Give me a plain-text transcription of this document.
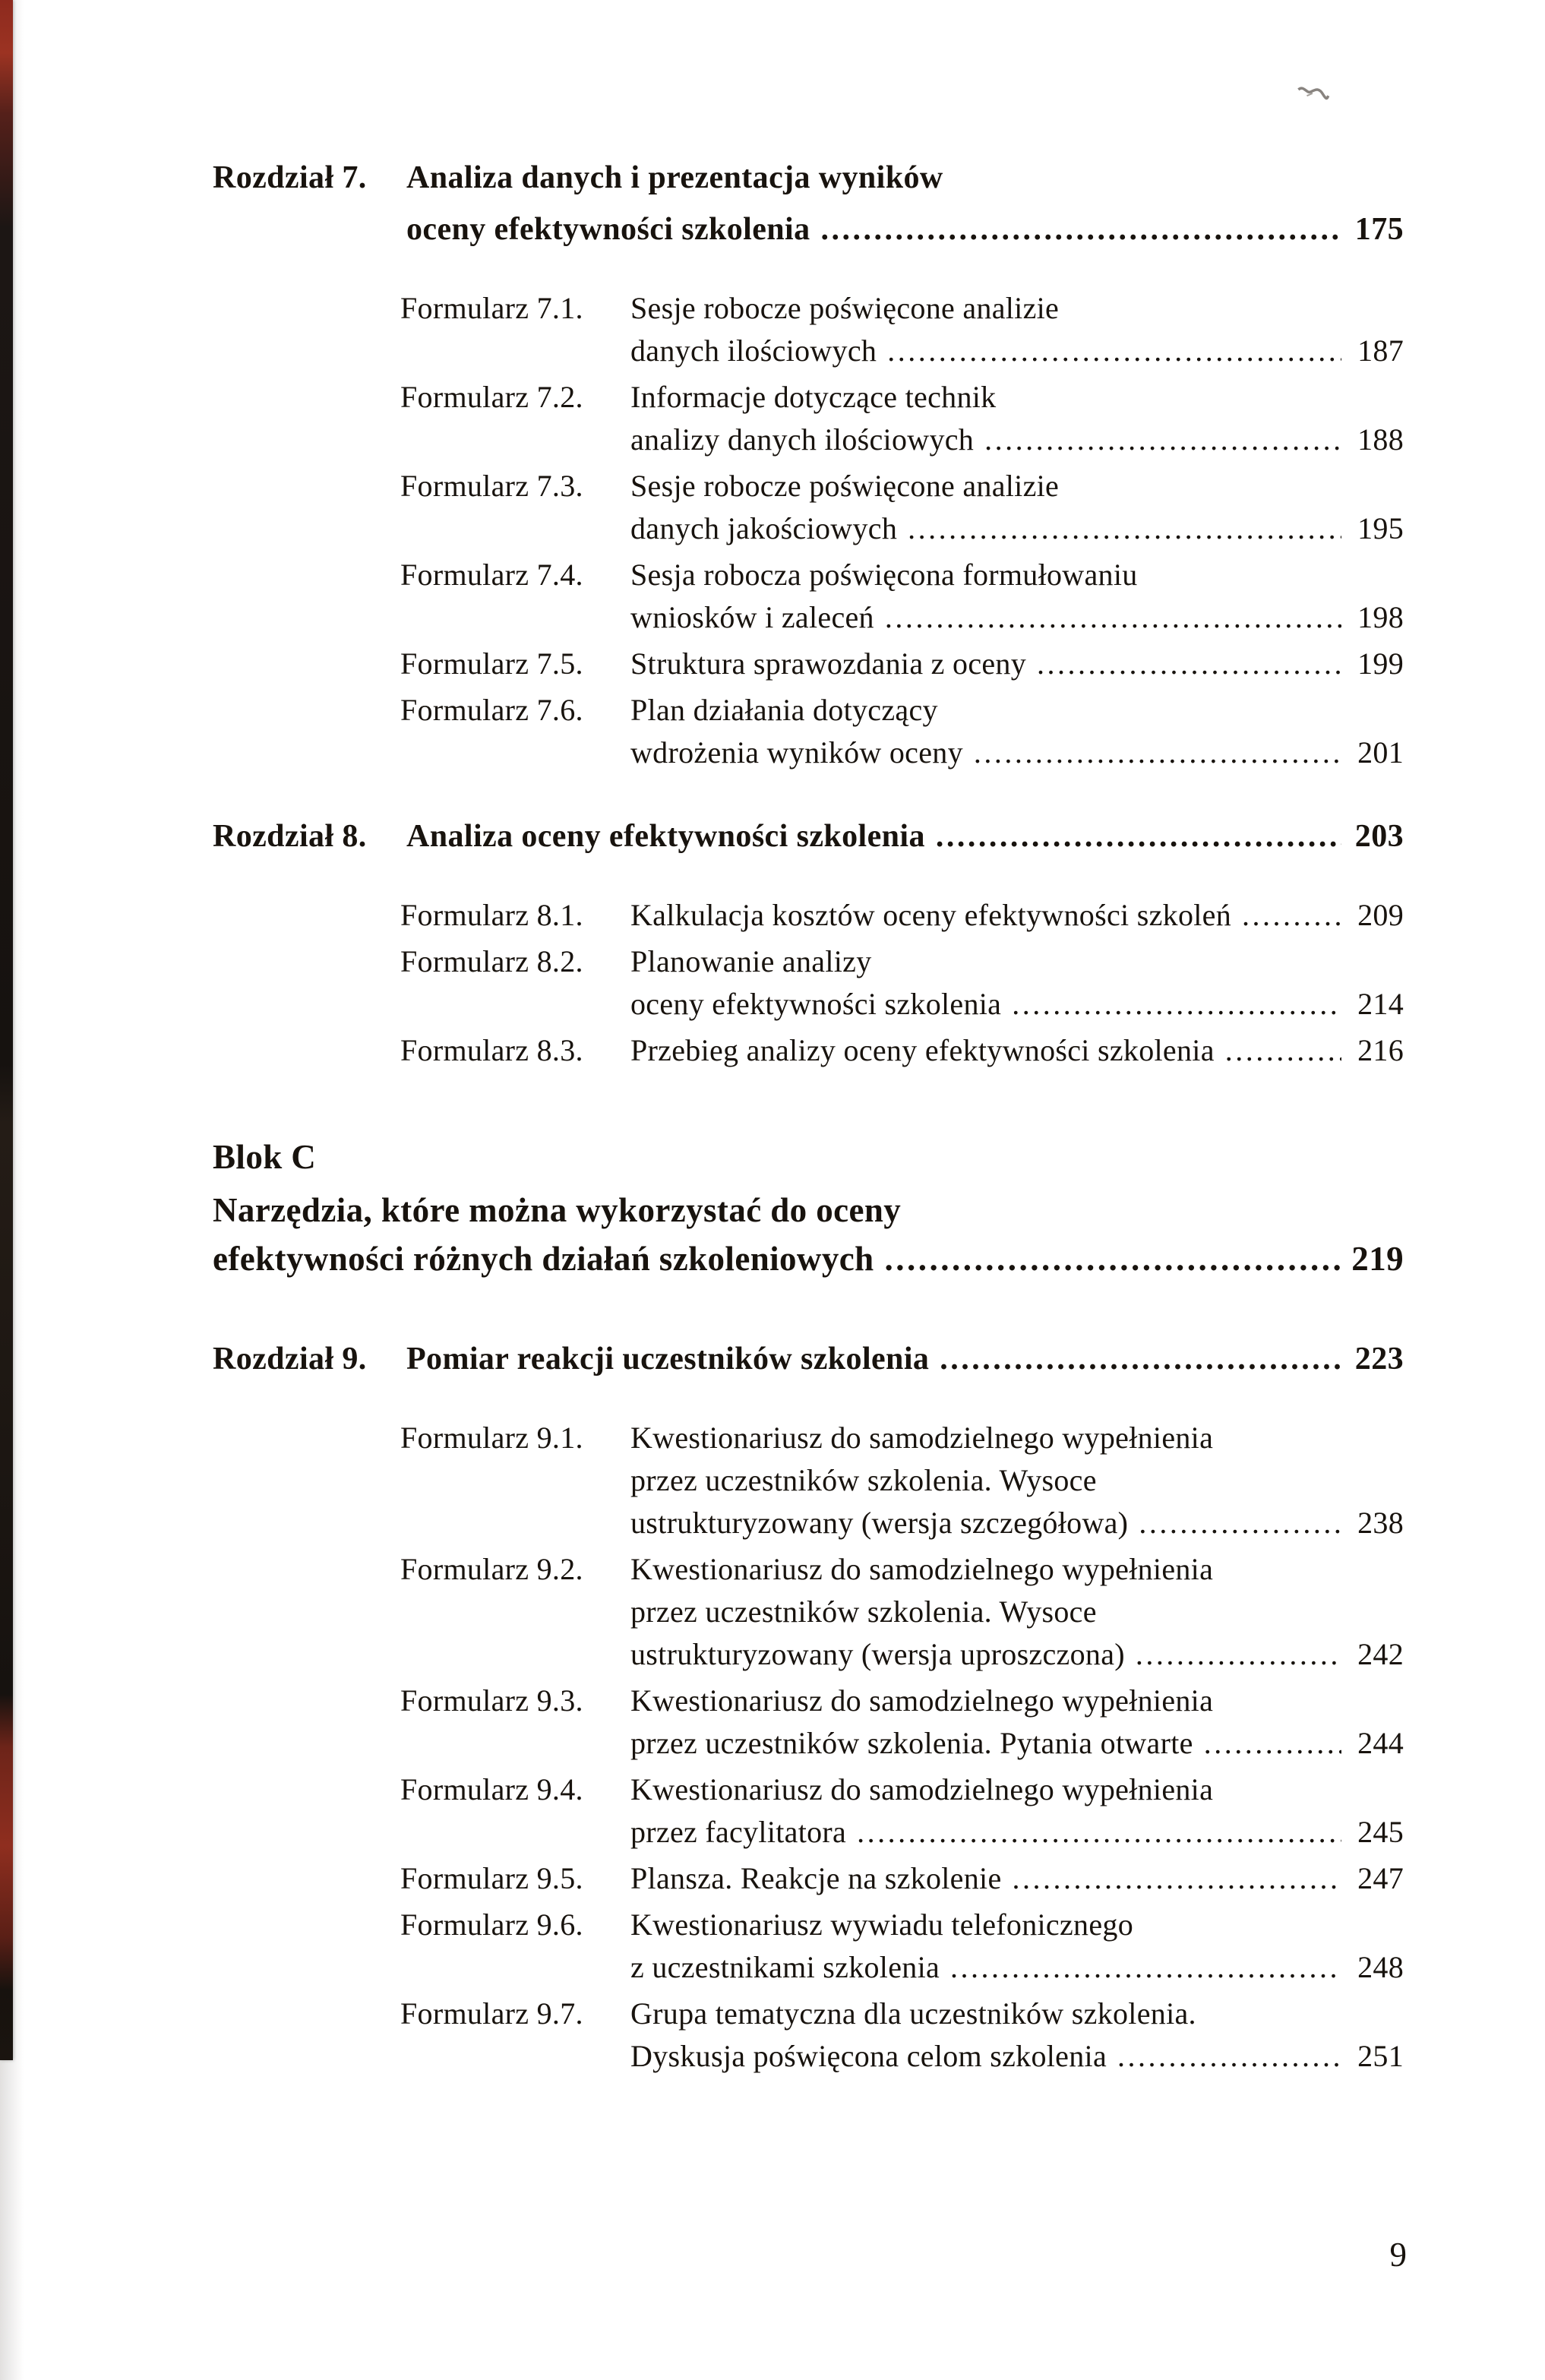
Rozdział 7.	Analiza danych i prezentacja wyników
oceny efektywności szkolenia .....	175
Formularz 7.1.	Sesje robocze poświęcone analizie
danych ilościowych .....	187
Formularz 7.2.	Informacje dotyczące technik
analizy danych ilościowych .....	188
Formularz 7.3.	Sesje robocze poświęcone analizie
danych jakościowych .....	195
Formularz 7.4.	Sesja robocza poświęcona formułowaniu
wniosków i zaleceń .....	198
Formularz 7.5.	Struktura sprawozdania z oceny .....	199
Formularz 7.6.	Plan działania dotyczący
wdrożenia wyników oceny .....	201
Rozdział 8.	Analiza oceny efektywności szkolenia .....	203
Formularz 8.1.	Kalkulacja kosztów oceny efektywności szkoleń .....	209
Formularz 8.2.	Planowanie analizy
oceny efektywności szkolenia .....	214
Formularz 8.3.	Przebieg analizy oceny efektywności szkolenia .....	216
Blok C
Narzędzia, które można wykorzystać do oceny
efektywności różnych działań szkoleniowych .....	219
Rozdział 9.	Pomiar reakcji uczestników szkolenia .....	223
Formularz 9.1.	Kwestionariusz do samodzielnego wypełnienia
przez uczestników szkolenia. Wysoce
ustrukturyzowany (wersja szczegółowa) .....	238
Formularz 9.2.	Kwestionariusz do samodzielnego wypełnienia
przez uczestników szkolenia. Wysoce
ustrukturyzowany (wersja uproszczona) .....	242
Formularz 9.3.	Kwestionariusz do samodzielnego wypełnienia
przez uczestników szkolenia. Pytania otwarte .....	244
Formularz 9.4.	Kwestionariusz do samodzielnego wypełnienia
przez facylitatora .....	245
Formularz 9.5.	Plansza. Reakcje na szkolenie .....	247
Formularz 9.6.	Kwestionariusz wywiadu telefonicznego
z uczestnikami szkolenia .....	248
Formularz 9.7.	Grupa tematyczna dla uczestników szkolenia.
Dyskusja poświęcona celom szkolenia .....	251
9
